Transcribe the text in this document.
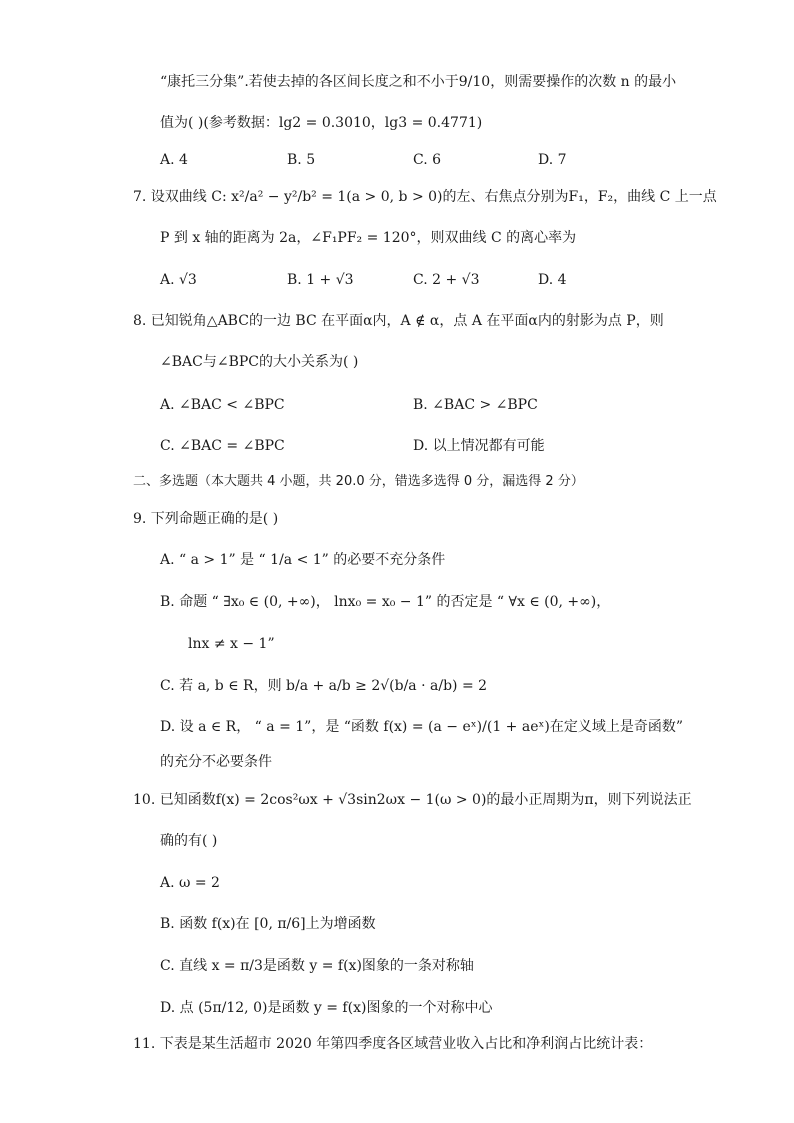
“康托三分集”.若使去掉的各区间长度之和不小于9/10，则需要操作的次数 n 的最小
值为( )(参考数据：lg2 = 0.3010，lg3 = 0.4771)
A. 4	B. 5	C. 6	D. 7
7. 设双曲线 C: x²/a² − y²/b² = 1(a > 0, b > 0)的左、右焦点分别为F₁，F₂，曲线 C 上一点
P 到 x 轴的距离为 2a，∠F₁PF₂ = 120°，则双曲线 C 的离心率为
A. √3	B. 1 + √3	C. 2 + √3	D. 4
8. 已知锐角△ABC的一边 BC 在平面α内，A ∉ α，点 A 在平面α内的射影为点 P，则
∠BAC与∠BPC的大小关系为( )
A. ∠BAC < ∠BPC	B. ∠BAC > ∠BPC
C. ∠BAC = ∠BPC	D. 以上情况都有可能
二、多选题（本大题共 4 小题，共 20.0 分，错选多选得 0 分，漏选得 2 分）
9. 下列命题正确的是( )
A. “ a > 1” 是 “ 1/a < 1” 的必要不充分条件
B. 命题 “ ∃x₀ ∈ (0, +∞)， lnx₀ = x₀ − 1” 的否定是 “ ∀x ∈ (0, +∞)，
lnx ≠ x − 1”
C. 若 a, b ∈ R，则 b/a + a/b ≥ 2√(b/a · a/b) = 2
D. 设 a ∈ R， “ a = 1”，是 “函数 f(x) = (a − eˣ)/(1 + aeˣ)在定义域上是奇函数”
的充分不必要条件
10. 已知函数f(x) = 2cos²ωx + √3sin2ωx − 1(ω > 0)的最小正周期为π，则下列说法正
确的有( )
A. ω = 2
B. 函数 f(x)在 [0, π/6]上为增函数
C. 直线 x = π/3是函数 y = f(x)图象的一条对称轴
D. 点 (5π/12, 0)是函数 y = f(x)图象的一个对称中心
11. 下表是某生活超市 2020 年第四季度各区域营业收入占比和净利润占比统计表：
